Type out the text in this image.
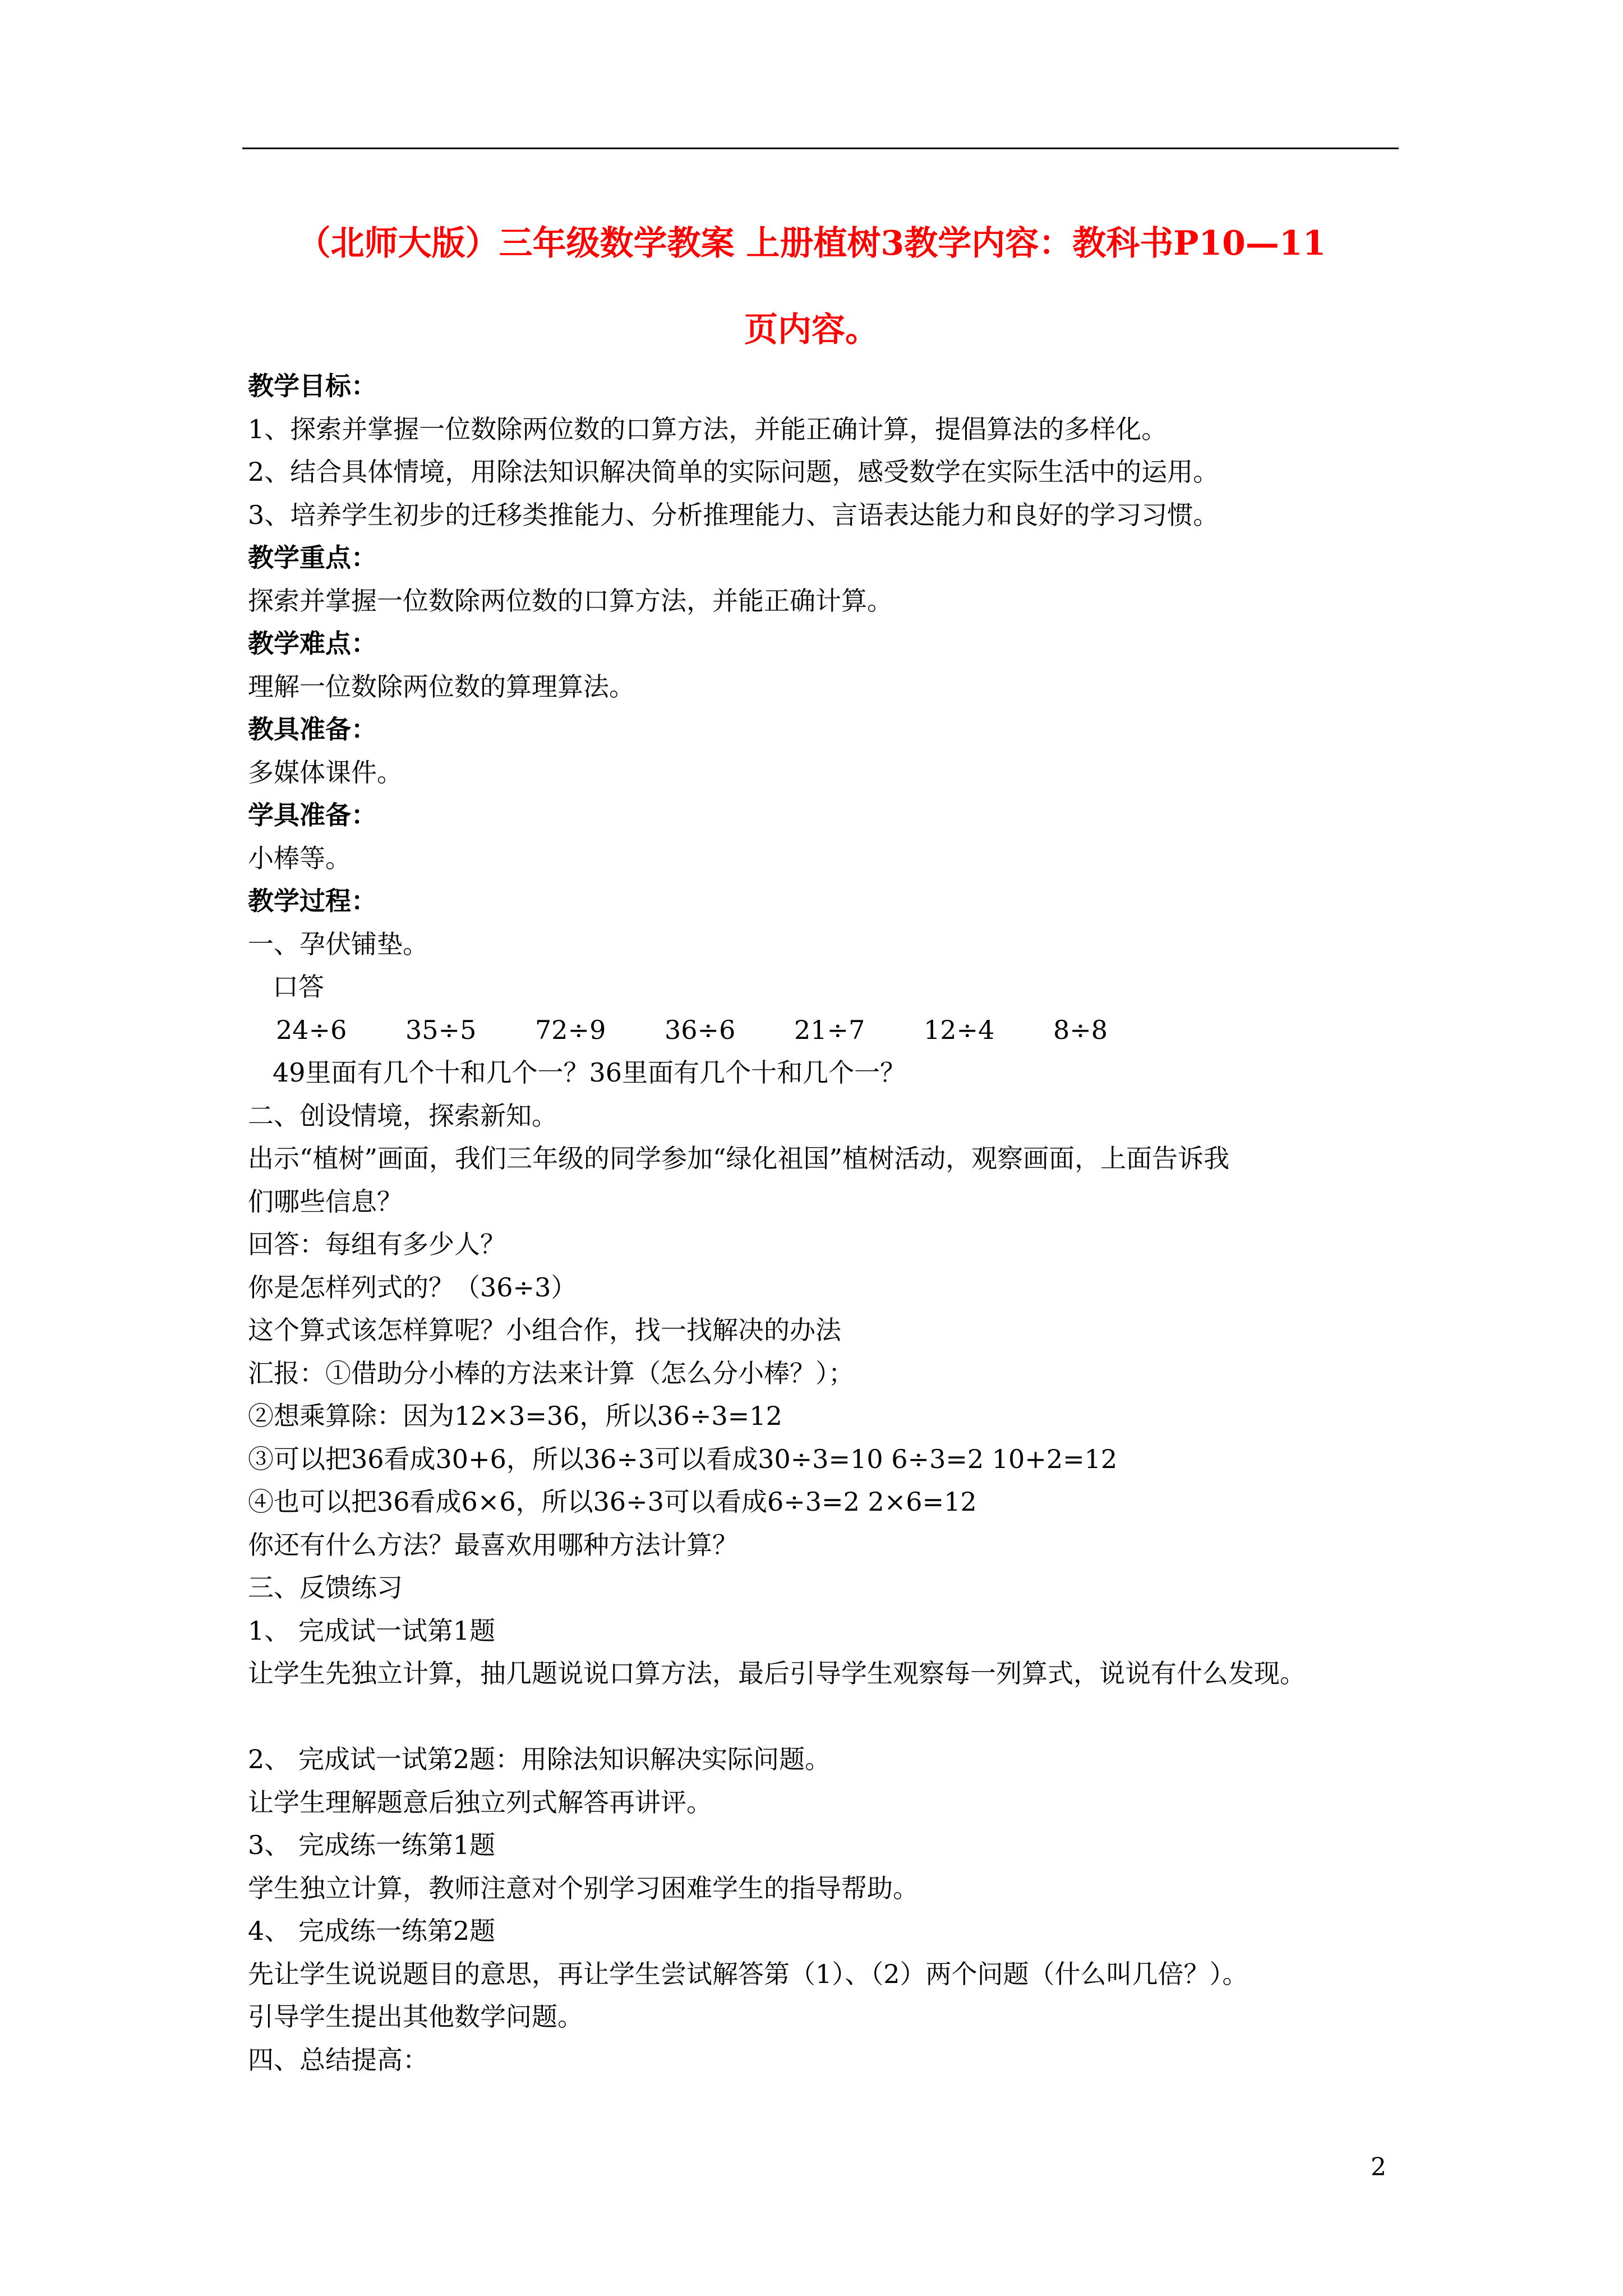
（北师大版）三年级数学教案 上册植树3教学内容：教科书P10—11
页内容。
教学目标：
1、探索并掌握一位数除两位数的口算方法，并能正确计算，提倡算法的多样化。
2、结合具体情境，用除法知识解决简单的实际问题，感受数学在实际生活中的运用。
3、培养学生初步的迁移类推能力、分析推理能力、言语表达能力和良好的学习习惯。
教学重点：
探索并掌握一位数除两位数的口算方法，并能正确计算。
教学难点：
理解一位数除两位数的算理算法。
教具准备：
多媒体课件。
学具准备：
小棒等。
教学过程：
一、孕伏铺垫。
口答
24÷6	35÷5	72÷9	36÷6	21÷7	12÷4	8÷8
49里面有几个十和几个一？36里面有几个十和几个一？
二、创设情境，探索新知。
出示“植树”画面，我们三年级的同学参加“绿化祖国”植树活动，观察画面，上面告诉我
们哪些信息？
回答：每组有多少人？
你是怎样列式的？（36÷3）
这个算式该怎样算呢？小组合作，找一找解决的办法
汇报：①借助分小棒的方法来计算（怎么分小棒？）；
②想乘算除：因为12×3=36，所以36÷3=12
③可以把36看成30+6，所以36÷3可以看成30÷3=10 6÷3=2 10+2=12
④也可以把36看成6×6，所以36÷3可以看成6÷3=2 2×6=12
你还有什么方法？最喜欢用哪种方法计算？
三、反馈练习
1、 完成试一试第1题
让学生先独立计算，抽几题说说口算方法，最后引导学生观察每一列算式，说说有什么发现。
2、 完成试一试第2题：用除法知识解决实际问题。
让学生理解题意后独立列式解答再讲评。
3、 完成练一练第1题
学生独立计算，教师注意对个别学习困难学生的指导帮助。
4、 完成练一练第2题
先让学生说说题目的意思，再让学生尝试解答第（1）、（2）两个问题（什么叫几倍？）。
引导学生提出其他数学问题。
四、总结提高：
2
